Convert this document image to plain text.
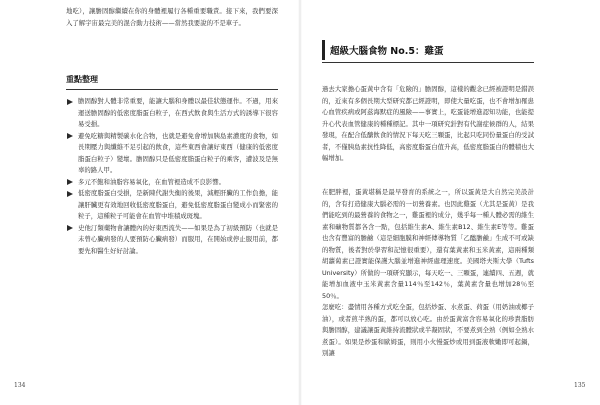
地吃），讓膽固醇繼續在你的身體裡履行各種重要職責。接下來，我們要深入了解宇宙最完美的混合動力技術——當然我要說的不是車子。

重點整理
膽固醇對人體非常重要，能讓大腦和身體以最佳狀態運作。不過，用來運送膽固醇的低密度脂蛋白粒子，在西式飲食與生活方式的誘導下很容易受損。
避免吃糖與精製碳水化合物，也就是避免會增加胰島素濃度的食物，如長期壓力與纖維不足引起的飲食，這些東西會讓好東西（健康的低密度脂蛋白粒子）變壞。膽固醇只是低密度脂蛋白粒子的乘客，遭波及是無辜的路人甲。
多元不飽和油脂容易氧化，在血管裡造成不良影響。
低密度脂蛋白受損，是新陳代謝失衡的後果，減輕肝臟的工作負擔，能讓肝臟更有效地回收低密度脂蛋白，避免低密度脂蛋白變成小而緊密的粒子，這種粒子可能會在血管中堆積成斑塊。
史他汀類藥物會讓體內的好東西流失——如果是為了初級預防（也就是未曾心臟病發的人要預防心臟病發）而服用，在開始或停止服用前，都要先和醫生好好討論。
134
超級大腦食物 No.5：雞蛋

過去大家擔心蛋黃中含有「危險的」膽固醇，這樣的觀念已經被證明是錯誤的，近來有多個長期大型研究都已經證明，即使大量吃蛋，也不會增加罹患心血管疾病或阿茲海默症的風險——事實上，吃蛋能增進認知功能，也能提升心代表血管健康的種種標記。其中一項研究針對有代謝症候群的人，結果發現，在配合低醣飲食的情況下每天吃三顆蛋，比起只吃同份量蛋白的受試者，不僅胰島素抗性降低，高密度脂蛋白值升高，低密度脂蛋白的體積也大幅增加。

在肥胖裡，蛋黃堪稱是最早發育的系統之一，所以蛋黃是大自然完美設計的，含有打造健康大腦必需的一切營養素。也因此雞蛋（尤其是蛋黃）是我們能吃到的最營養的食物之一，雞蛋裡的成分，幾乎每一種人體必需的維生素和礦物質都各含一點，包括維生素A、維生素B12、維生素E等等。雞蛋也含有豐富的膽鹼（這是細胞膜和神經傳導物質「乙醯膽鹼」生成不可或缺的物質，後者對於學習和記憶很重要），還有葉黃素和玉米黃素，這兩種類胡蘿蔔素已證實能保護大腦並增進神經處理速度。美國塔夫斯大學（Tufts University）所做的一項研究顯示，每天吃一、三顆蛋，連續四、五週，就能增加血液中玉米黃素含量114％至142％，葉黃素含量也增加28％至50％。

怎麼吃：盡情用各種方式吃全蛋，包括炒蛋、水煮蛋、荷蛋（用奶油或椰子油），或者煎半熟的蛋，都可以放心吃。由於蛋黃富含容易氧化的珍貴脂肪與膽固醇，建議讓蛋黃維持流體狀或半凝固狀，不要煮到全熟（例如全熟水煮蛋）。如果是炒蛋和歐姆蛋，則用小火慢蛋炒或用到蛋液軟嫩即可起鍋，別讓

135
